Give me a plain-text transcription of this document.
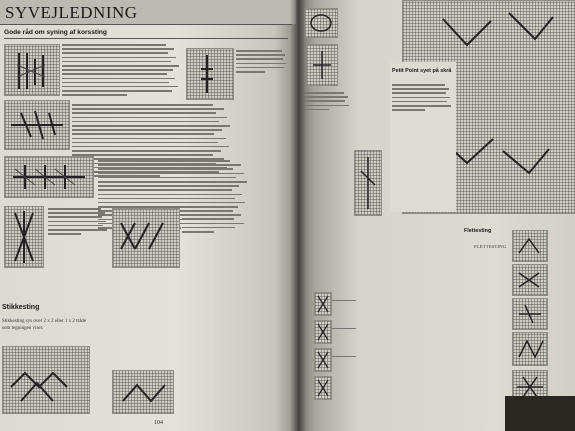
SYVEJLEDNING
Gode råd om syning af korssting
Stikkesting
Stikkesting sys over 2 x 2 eller 1 x 2 tråde som tegningen viser.
104
Petit Point syet på skrå
Flettesting
FLETTESTING
